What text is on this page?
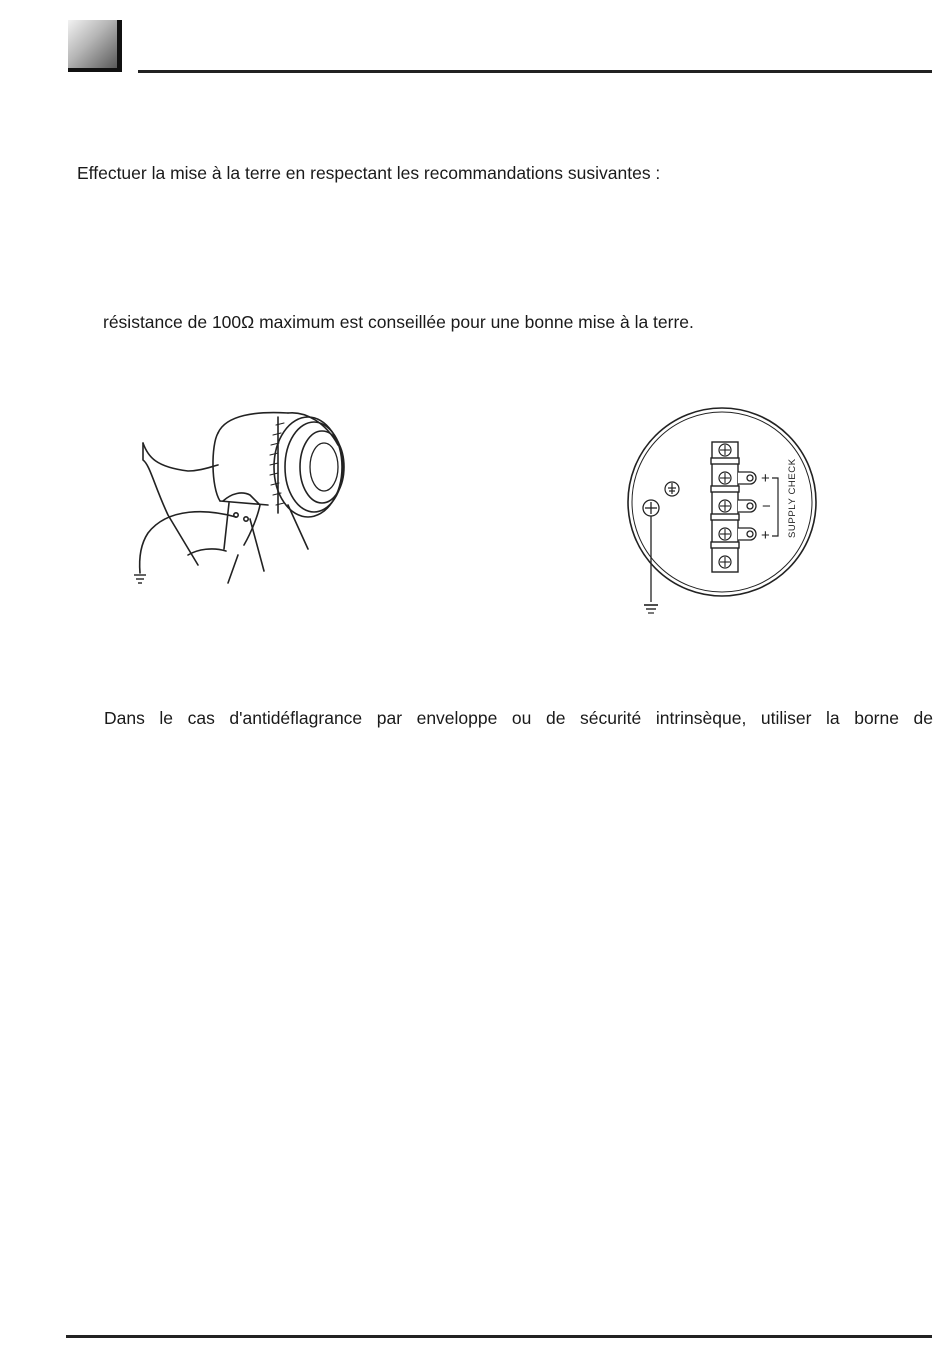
Effectuer la mise à la terre en respectant les recommandations susivantes :

résistance de 100Ω maximum est conseillée pour une bonne mise à la terre.

+
−
+ SUPPLY CHECK

Dans le cas d'antidéflagrance par enveloppe ou de sécurité intrinsèque, utiliser la borne de
